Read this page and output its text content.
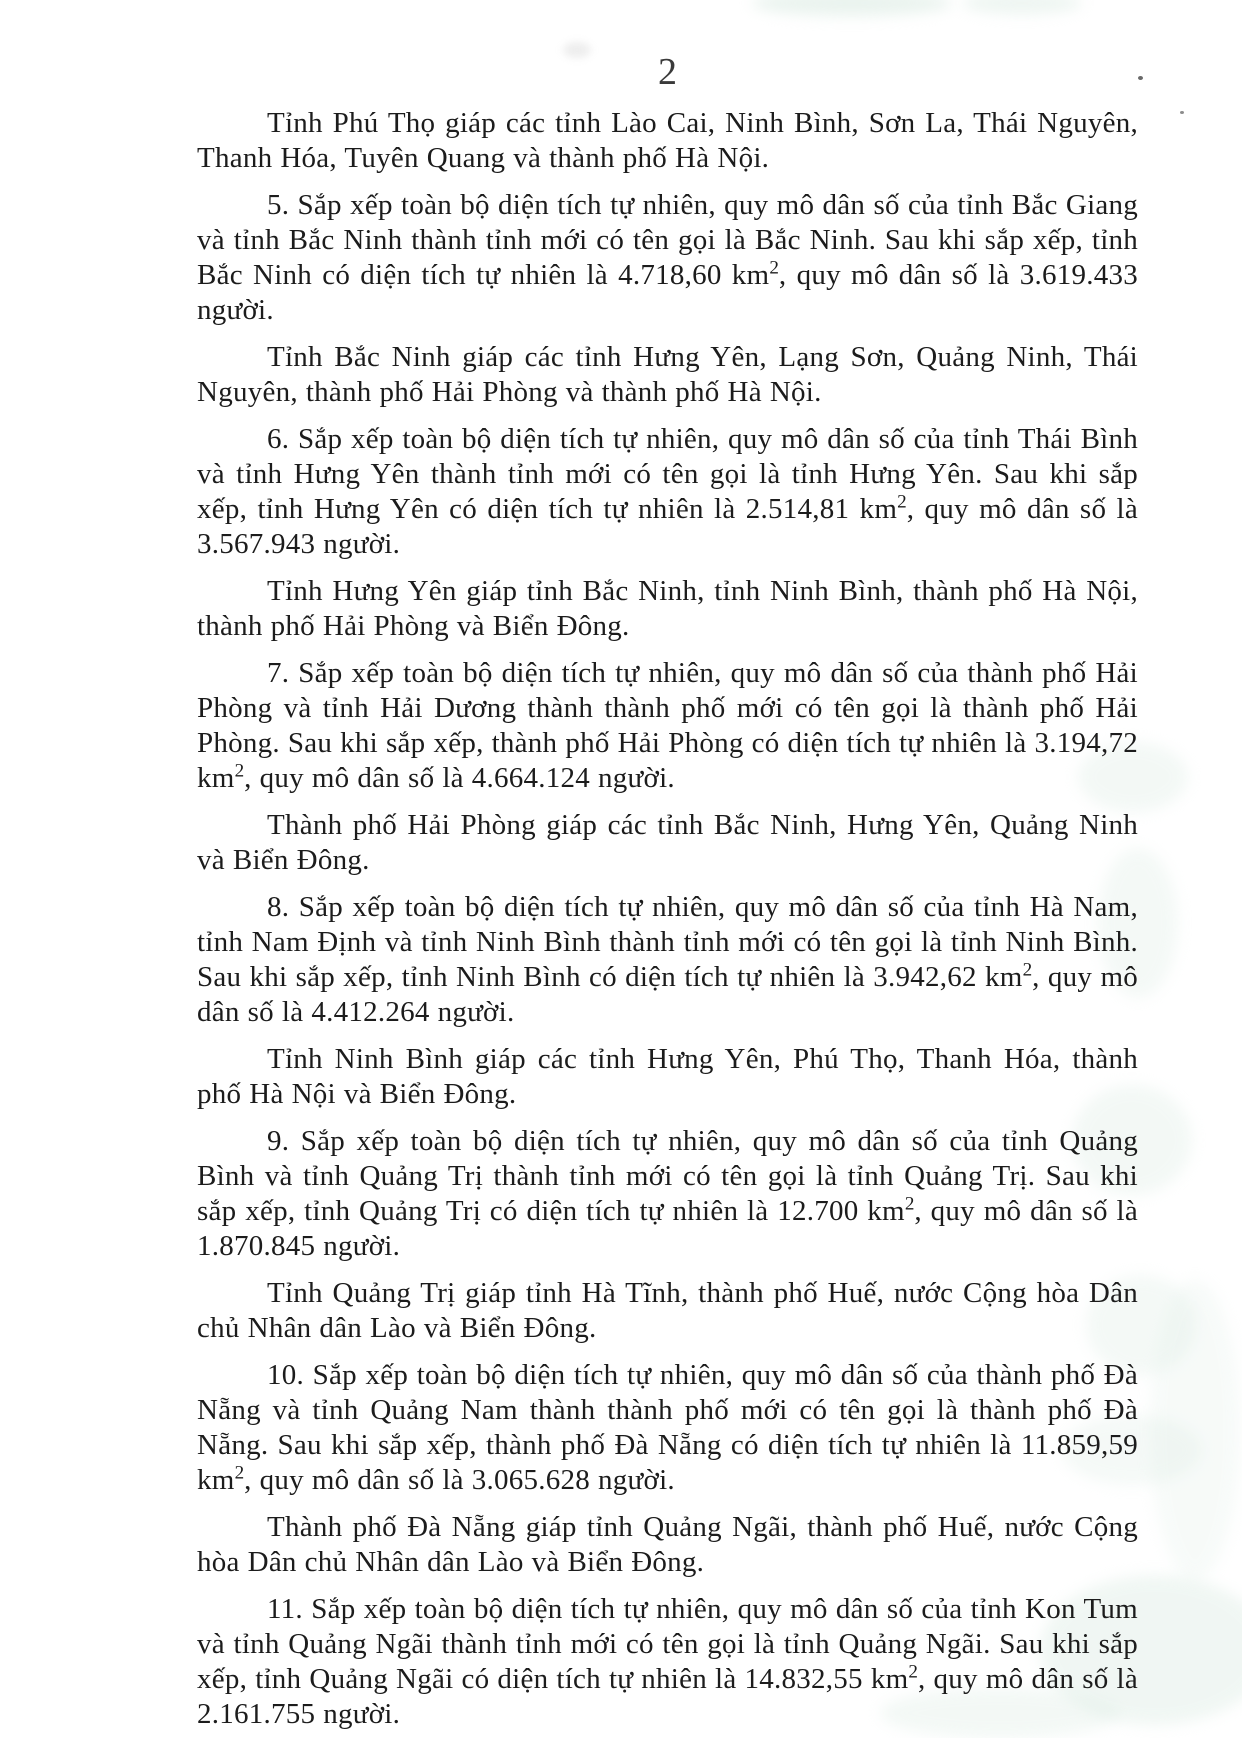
2

Tỉnh Phú Thọ giáp các tỉnh Lào Cai, Ninh Bình, Sơn La, Thái Nguyên, Thanh Hóa, Tuyên Quang và thành phố Hà Nội.

5. Sắp xếp toàn bộ diện tích tự nhiên, quy mô dân số của tỉnh Bắc Giang và tỉnh Bắc Ninh thành tỉnh mới có tên gọi là Bắc Ninh. Sau khi sắp xếp, tỉnh Bắc Ninh có diện tích tự nhiên là 4.718,60 $km^2$, quy mô dân số là 3.619.433 người.

Tỉnh Bắc Ninh giáp các tỉnh Hưng Yên, Lạng Sơn, Quảng Ninh, Thái Nguyên, thành phố Hải Phòng và thành phố Hà Nội.

6. Sắp xếp toàn bộ diện tích tự nhiên, quy mô dân số của tỉnh Thái Bình và tỉnh Hưng Yên thành tỉnh mới có tên gọi là tỉnh Hưng Yên. Sau khi sắp xếp, tỉnh Hưng Yên có diện tích tự nhiên là 2.514,81 $km^2$, quy mô dân số là 3.567.943 người.

Tỉnh Hưng Yên giáp tỉnh Bắc Ninh, tỉnh Ninh Bình, thành phố Hà Nội, thành phố Hải Phòng và Biển Đông.

7. Sắp xếp toàn bộ diện tích tự nhiên, quy mô dân số của thành phố Hải Phòng và tỉnh Hải Dương thành thành phố mới có tên gọi là thành phố Hải Phòng. Sau khi sắp xếp, thành phố Hải Phòng có diện tích tự nhiên là 3.194,72 $km^2$, quy mô dân số là 4.664.124 người.

Thành phố Hải Phòng giáp các tỉnh Bắc Ninh, Hưng Yên, Quảng Ninh và Biển Đông.

8. Sắp xếp toàn bộ diện tích tự nhiên, quy mô dân số của tỉnh Hà Nam, tỉnh Nam Định và tỉnh Ninh Bình thành tỉnh mới có tên gọi là tỉnh Ninh Bình. Sau khi sắp xếp, tỉnh Ninh Bình có diện tích tự nhiên là 3.942,62 $km^2$, quy mô dân số là 4.412.264 người.

Tỉnh Ninh Bình giáp các tỉnh Hưng Yên, Phú Thọ, Thanh Hóa, thành phố Hà Nội và Biển Đông.

9. Sắp xếp toàn bộ diện tích tự nhiên, quy mô dân số của tỉnh Quảng Bình và tỉnh Quảng Trị thành tỉnh mới có tên gọi là tỉnh Quảng Trị. Sau khi sắp xếp, tỉnh Quảng Trị có diện tích tự nhiên là 12.700 $km^2$, quy mô dân số là 1.870.845 người.

Tỉnh Quảng Trị giáp tỉnh Hà Tĩnh, thành phố Huế, nước Cộng hòa Dân chủ Nhân dân Lào và Biển Đông.

10. Sắp xếp toàn bộ diện tích tự nhiên, quy mô dân số của thành phố Đà Nẵng và tỉnh Quảng Nam thành thành phố mới có tên gọi là thành phố Đà Nẵng. Sau khi sắp xếp, thành phố Đà Nẵng có diện tích tự nhiên là 11.859,59 $km^2$, quy mô dân số là 3.065.628 người.

Thành phố Đà Nẵng giáp tỉnh Quảng Ngãi, thành phố Huế, nước Cộng hòa Dân chủ Nhân dân Lào và Biển Đông.

11. Sắp xếp toàn bộ diện tích tự nhiên, quy mô dân số của tỉnh Kon Tum và tỉnh Quảng Ngãi thành tỉnh mới có tên gọi là tỉnh Quảng Ngãi. Sau khi sắp xếp, tỉnh Quảng Ngãi có diện tích tự nhiên là 14.832,55 $km^2$, quy mô dân số là 2.161.755 người.
